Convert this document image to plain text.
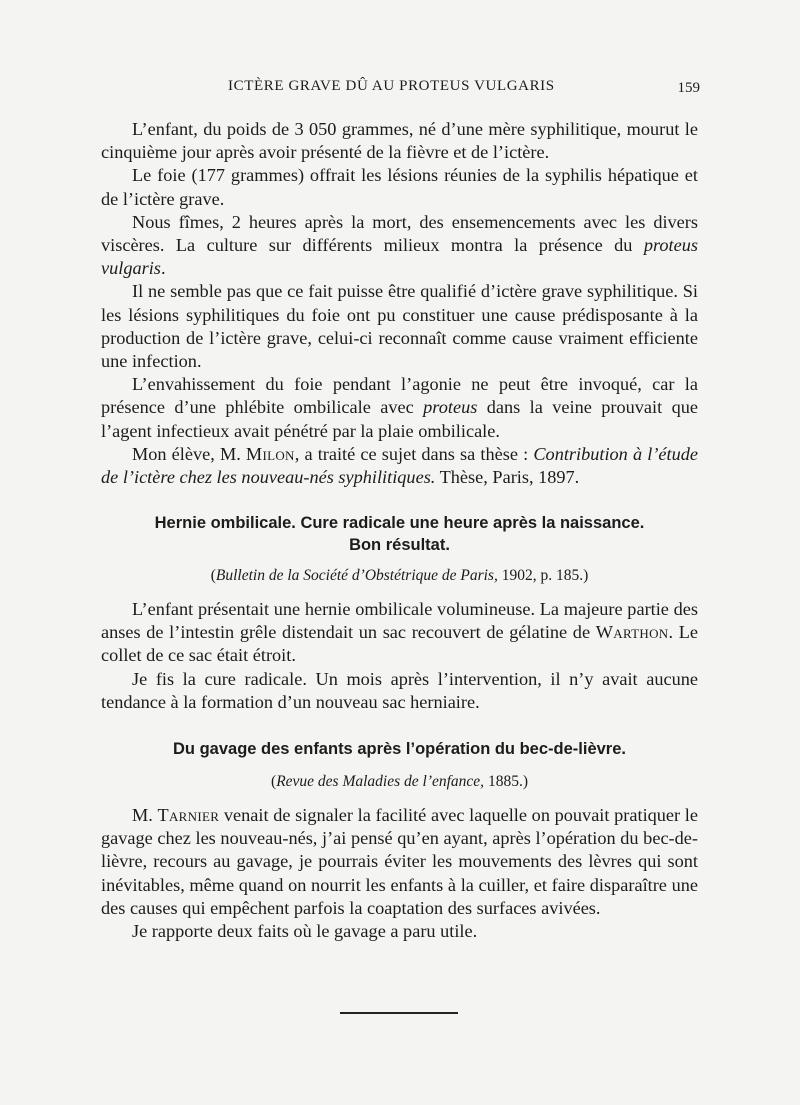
ICTÈRE GRAVE DÛ AU PROTEUS VULGARIS	159

L’enfant, du poids de 3 050 grammes, né d’une mère syphilitique, mourut le cinquième jour après avoir présenté de la fièvre et de l’ictère.

Le foie (177 grammes) offrait les lésions réunies de la syphilis hépatique et de l’ictère grave.

Nous fîmes, 2 heures après la mort, des ensemencements avec les divers viscères. La culture sur différents milieux montra la présence du proteus vulgaris.

Il ne semble pas que ce fait puisse être qualifié d’ictère grave syphilitique. Si les lésions syphilitiques du foie ont pu constituer une cause prédisposante à la production de l’ictère grave, celui-ci reconnaît comme cause vraiment efficiente une infection.

L’envahissement du foie pendant l’agonie ne peut être invoqué, car la présence d’une phlébite ombilicale avec proteus dans la veine prouvait que l’agent infectieux avait pénétré par la plaie ombilicale.

Mon élève, M. Milon, a traité ce sujet dans sa thèse : Contribution à l’étude de l’ictère chez les nouveau-nés syphilitiques. Thèse, Paris, 1897.

Hernie ombilicale. Cure radicale une heure après la naissance.
Bon résultat.
(Bulletin de la Société d’Obstétrique de Paris, 1902, p. 185.)

L’enfant présentait une hernie ombilicale volumineuse. La majeure partie des anses de l’intestin grêle distendait un sac recouvert de gélatine de Warthon. Le collet de ce sac était étroit.

Je fis la cure radicale. Un mois après l’intervention, il n’y avait aucune tendance à la formation d’un nouveau sac herniaire.

Du gavage des enfants après l’opération du bec-de-lièvre.
(Revue des Maladies de l’enfance, 1885.)

M. Tarnier venait de signaler la facilité avec laquelle on pouvait pratiquer le gavage chez les nouveau-nés, j’ai pensé qu’en ayant, après l’opération du bec-de-lièvre, recours au gavage, je pourrais éviter les mouvements des lèvres qui sont inévitables, même quand on nourrit les enfants à la cuiller, et faire disparaître une des causes qui empêchent parfois la coaptation des surfaces avivées.

Je rapporte deux faits où le gavage a paru utile.
